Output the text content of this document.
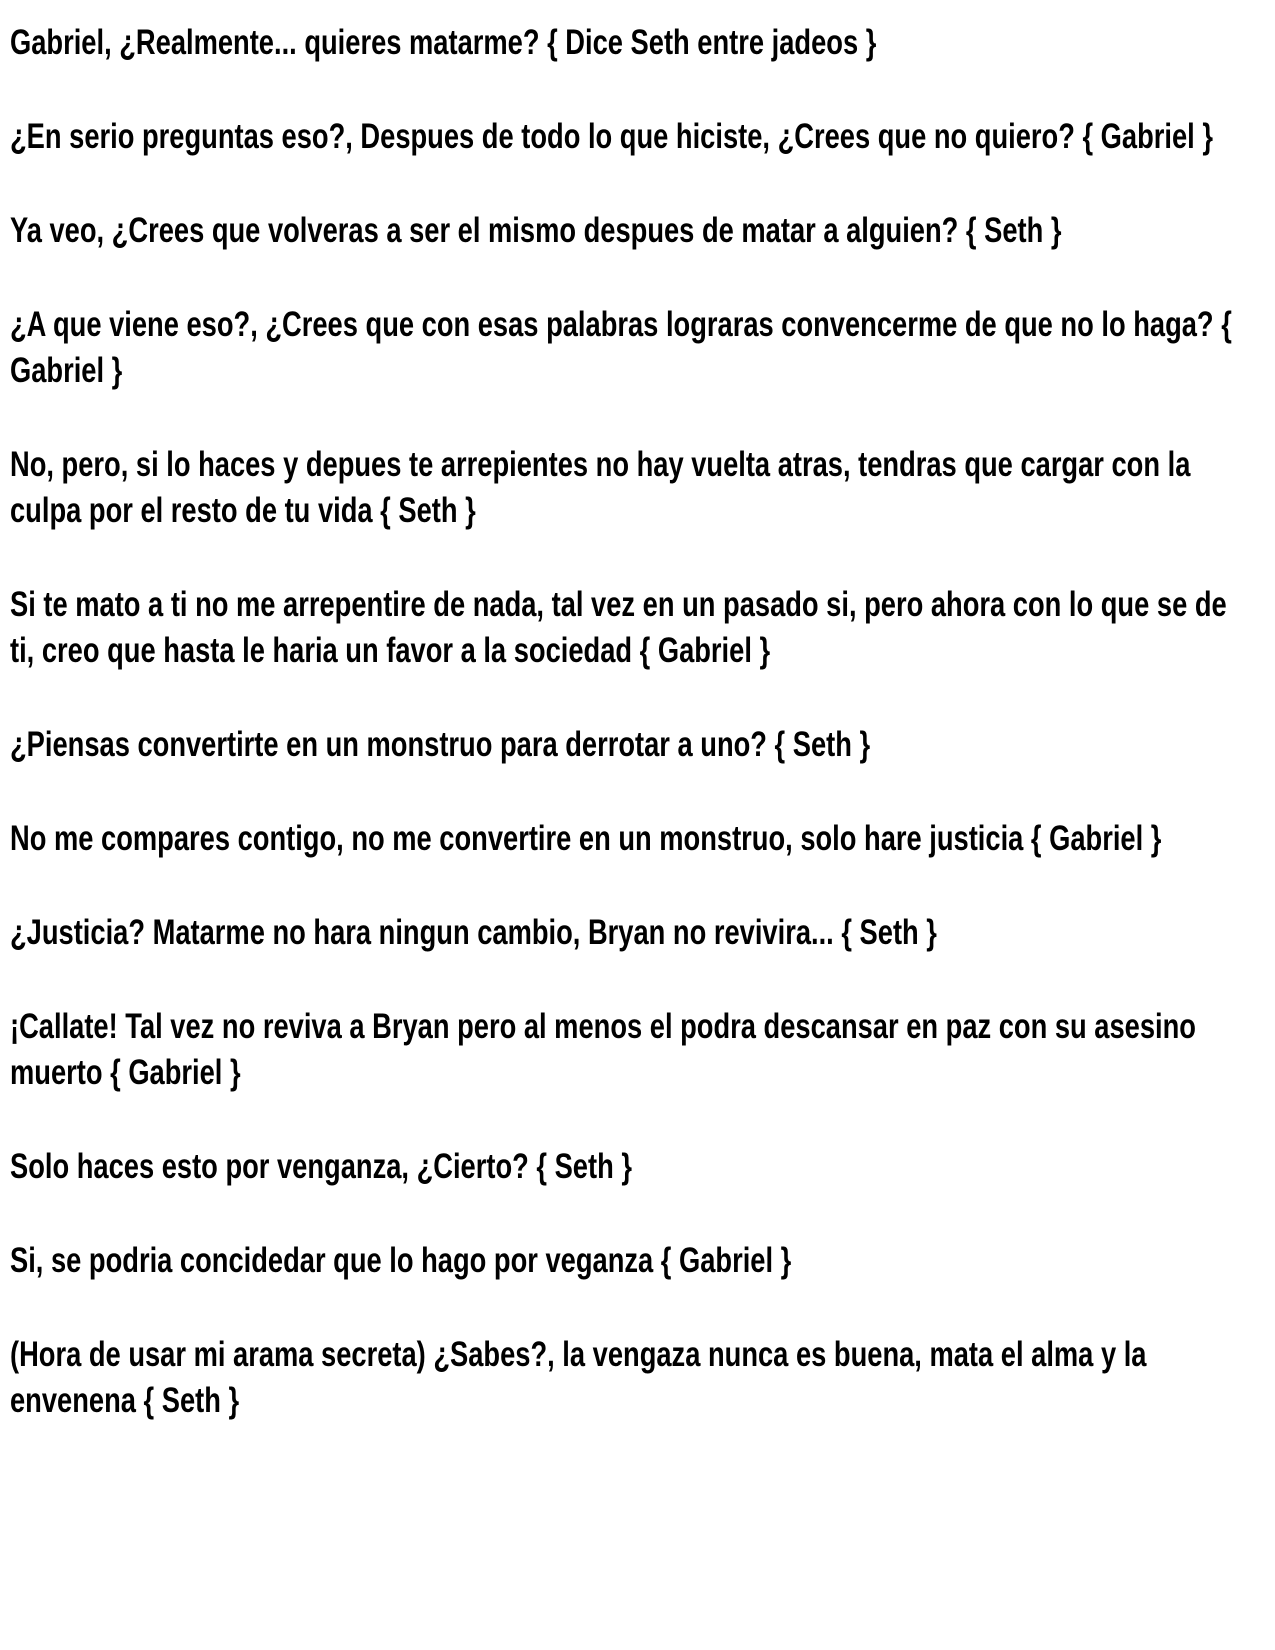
Gabriel, ¿Realmente... quieres matarme? { Dice Seth entre jadeos }

¿En serio preguntas eso?, Despues de todo lo que hiciste, ¿Crees que no quiero? { Gabriel }

Ya veo, ¿Crees que volveras a ser el mismo despues de matar a alguien? { Seth }

¿A que viene eso?, ¿Crees que con esas palabras lograras convencerme de que no lo haga? { Gabriel }

No, pero, si lo haces y depues te arrepientes no hay vuelta atras, tendras que cargar con la culpa por el resto de tu vida { Seth }

Si te mato a ti no me arrepentire de nada, tal vez en un pasado si, pero ahora con lo que se de ti, creo que hasta le haria un favor a la sociedad { Gabriel }

¿Piensas convertirte en un monstruo para derrotar a uno? { Seth }

No me compares contigo, no me convertire en un monstruo, solo hare justicia { Gabriel }

¿Justicia? Matarme no hara ningun cambio, Bryan no revivira... { Seth }

¡Callate! Tal vez no reviva a Bryan pero al menos el podra descansar en paz con su asesino muerto { Gabriel }

Solo haces esto por venganza, ¿Cierto? { Seth }

Si, se podria concidedar que lo hago por veganza { Gabriel }

(Hora de usar mi arama secreta) ¿Sabes?, la vengaza nunca es buena, mata el alma y la envenena { Seth }
